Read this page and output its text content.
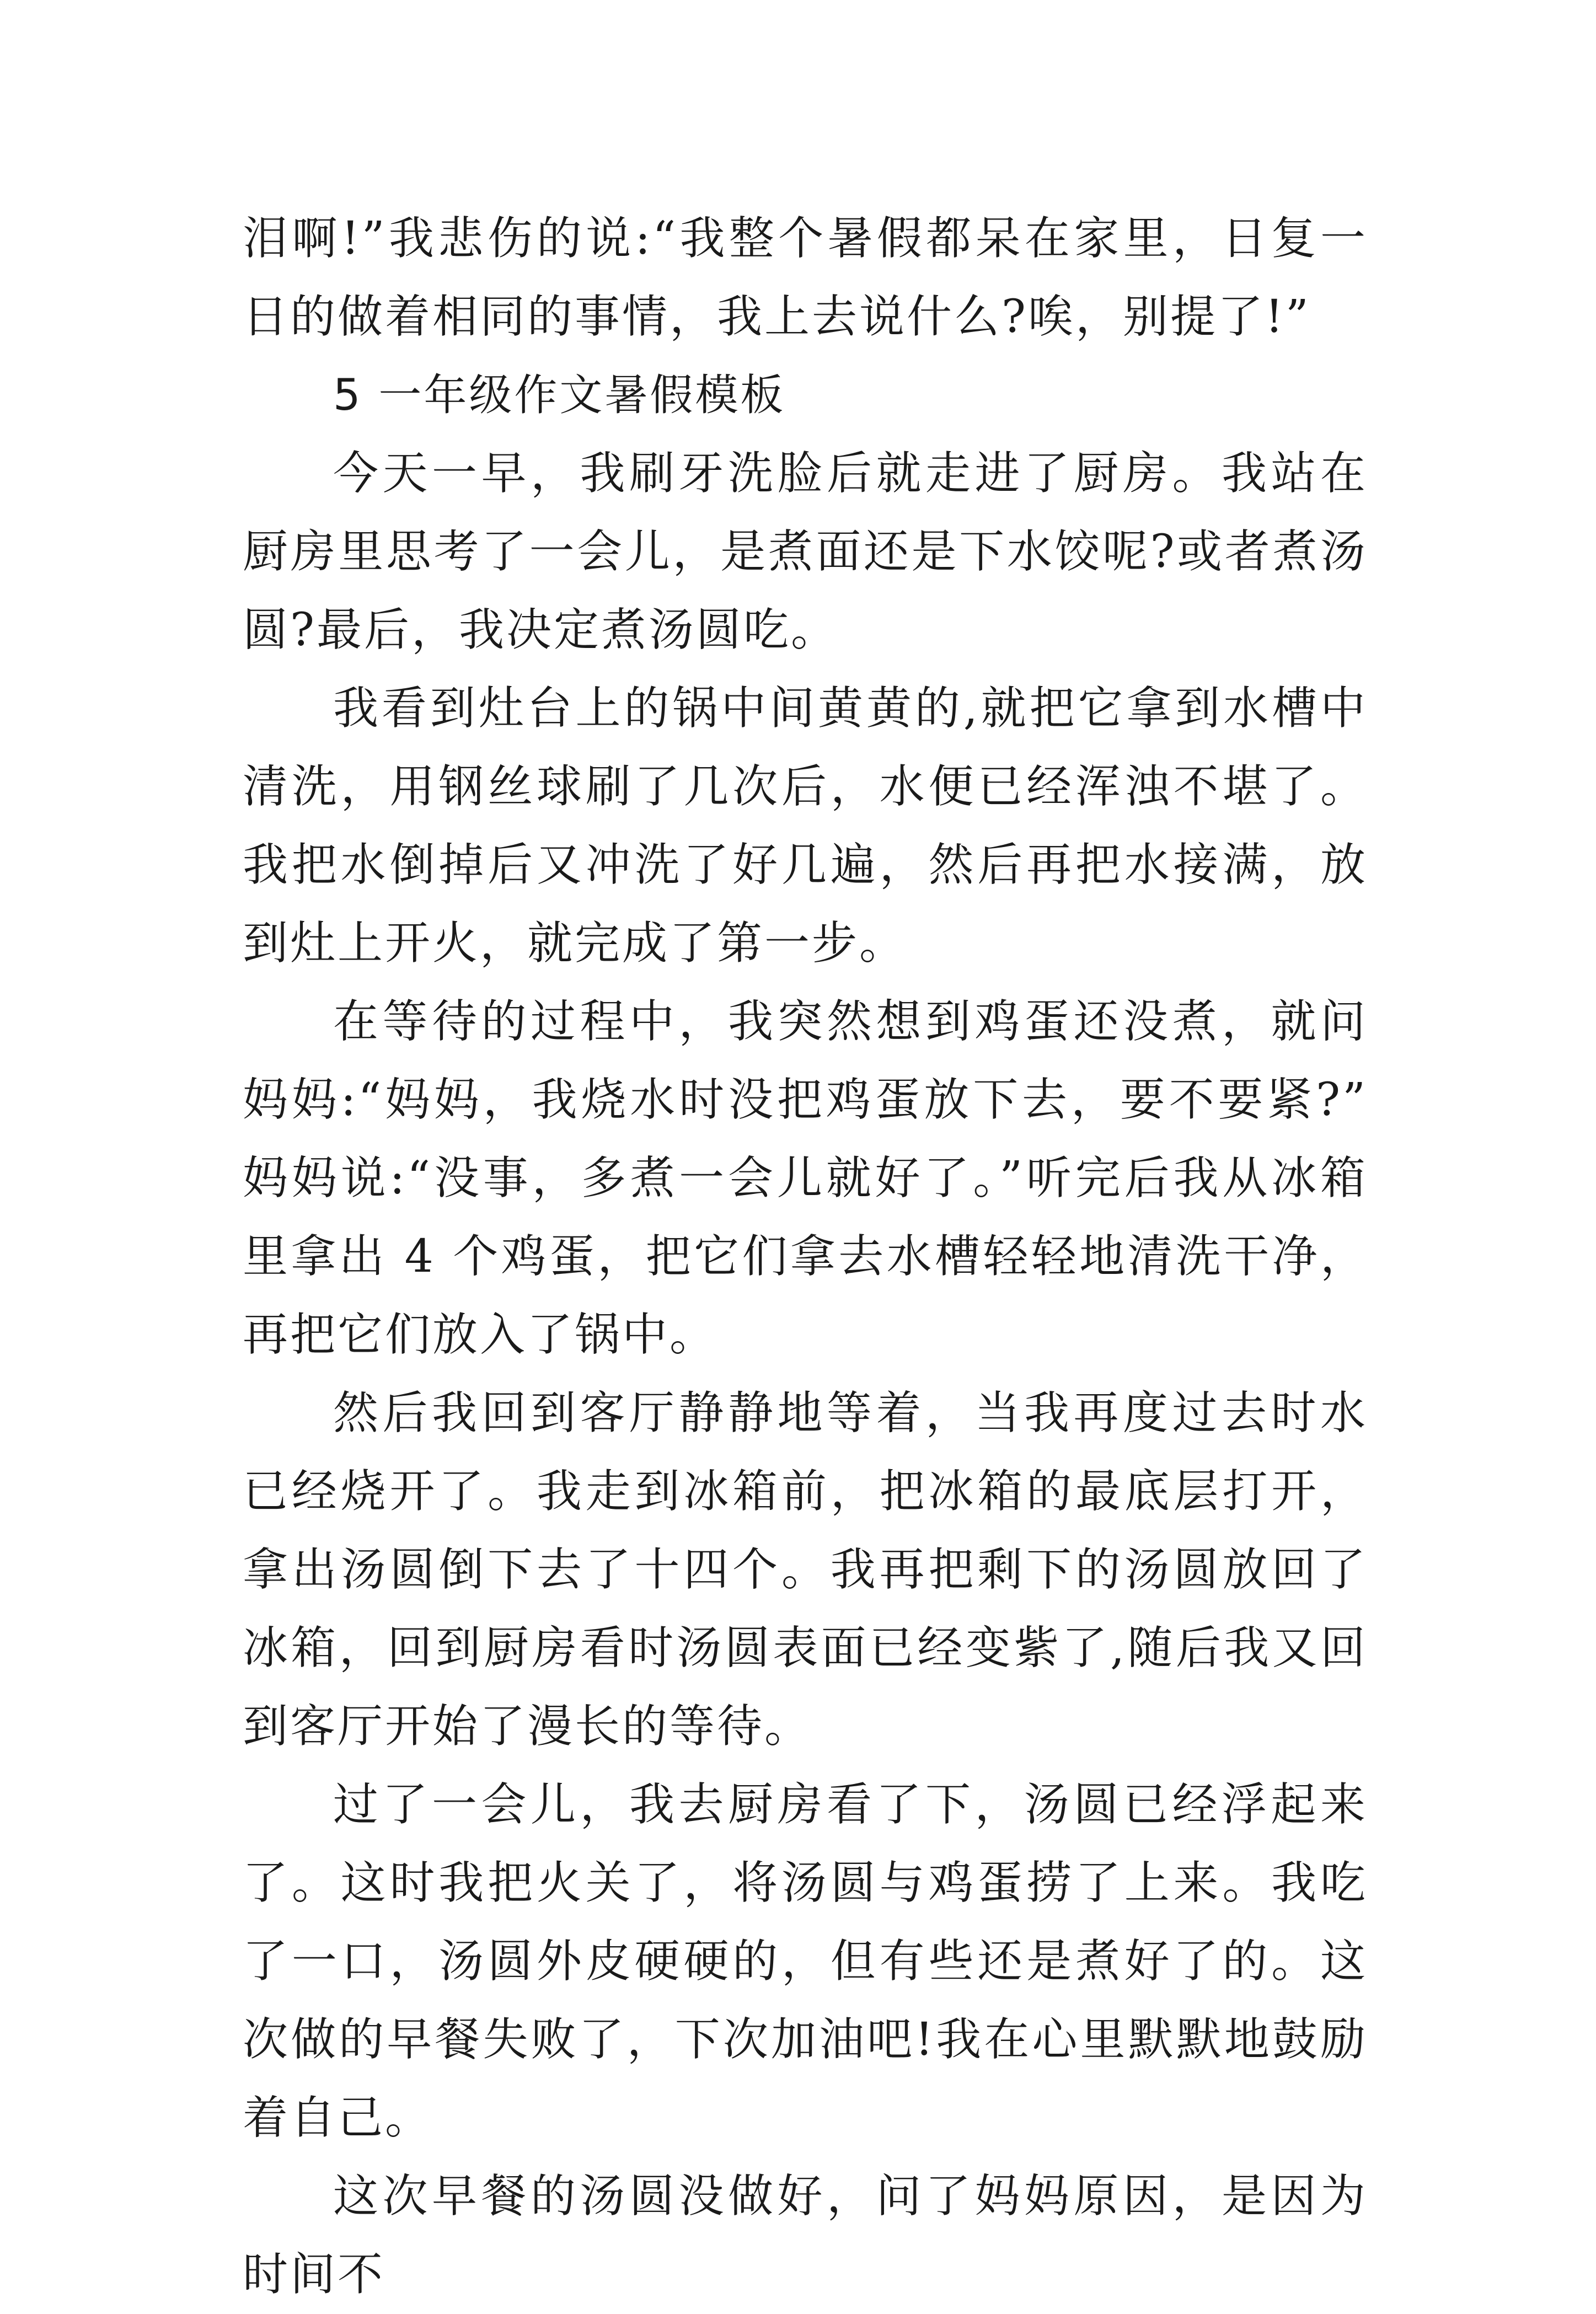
泪啊!”我悲伤的说:“我整个暑假都呆在家里，日复一日的做着相同的事情，我上去说什么?唉，别提了!”

5 一年级作文暑假模板

今天一早，我刷牙洗脸后就走进了厨房。我站在厨房里思考了一会儿，是煮面还是下水饺呢?或者煮汤圆?最后，我决定煮汤圆吃。

我看到灶台上的锅中间黄黄的,就把它拿到水槽中清洗，用钢丝球刷了几次后，水便已经浑浊不堪了。我把水倒掉后又冲洗了好几遍，然后再把水接满，放到灶上开火，就完成了第一步。

在等待的过程中，我突然想到鸡蛋还没煮，就问妈妈:“妈妈，我烧水时没把鸡蛋放下去，要不要紧?”妈妈说:“没事，多煮一会儿就好了。”听完后我从冰箱里拿出 4 个鸡蛋，把它们拿去水槽轻轻地清洗干净，再把它们放入了锅中。

然后我回到客厅静静地等着，当我再度过去时水已经烧开了。我走到冰箱前，把冰箱的最底层打开，拿出汤圆倒下去了十四个。我再把剩下的汤圆放回了冰箱，回到厨房看时汤圆表面已经变紫了,随后我又回到客厅开始了漫长的等待。

过了一会儿，我去厨房看了下，汤圆已经浮起来了。这时我把火关了，将汤圆与鸡蛋捞了上来。我吃了一口，汤圆外皮硬硬的，但有些还是煮好了的。这次做的早餐失败了，下次加油吧!我在心里默默地鼓励着自己。

这次早餐的汤圆没做好，问了妈妈原因，是因为时间不
